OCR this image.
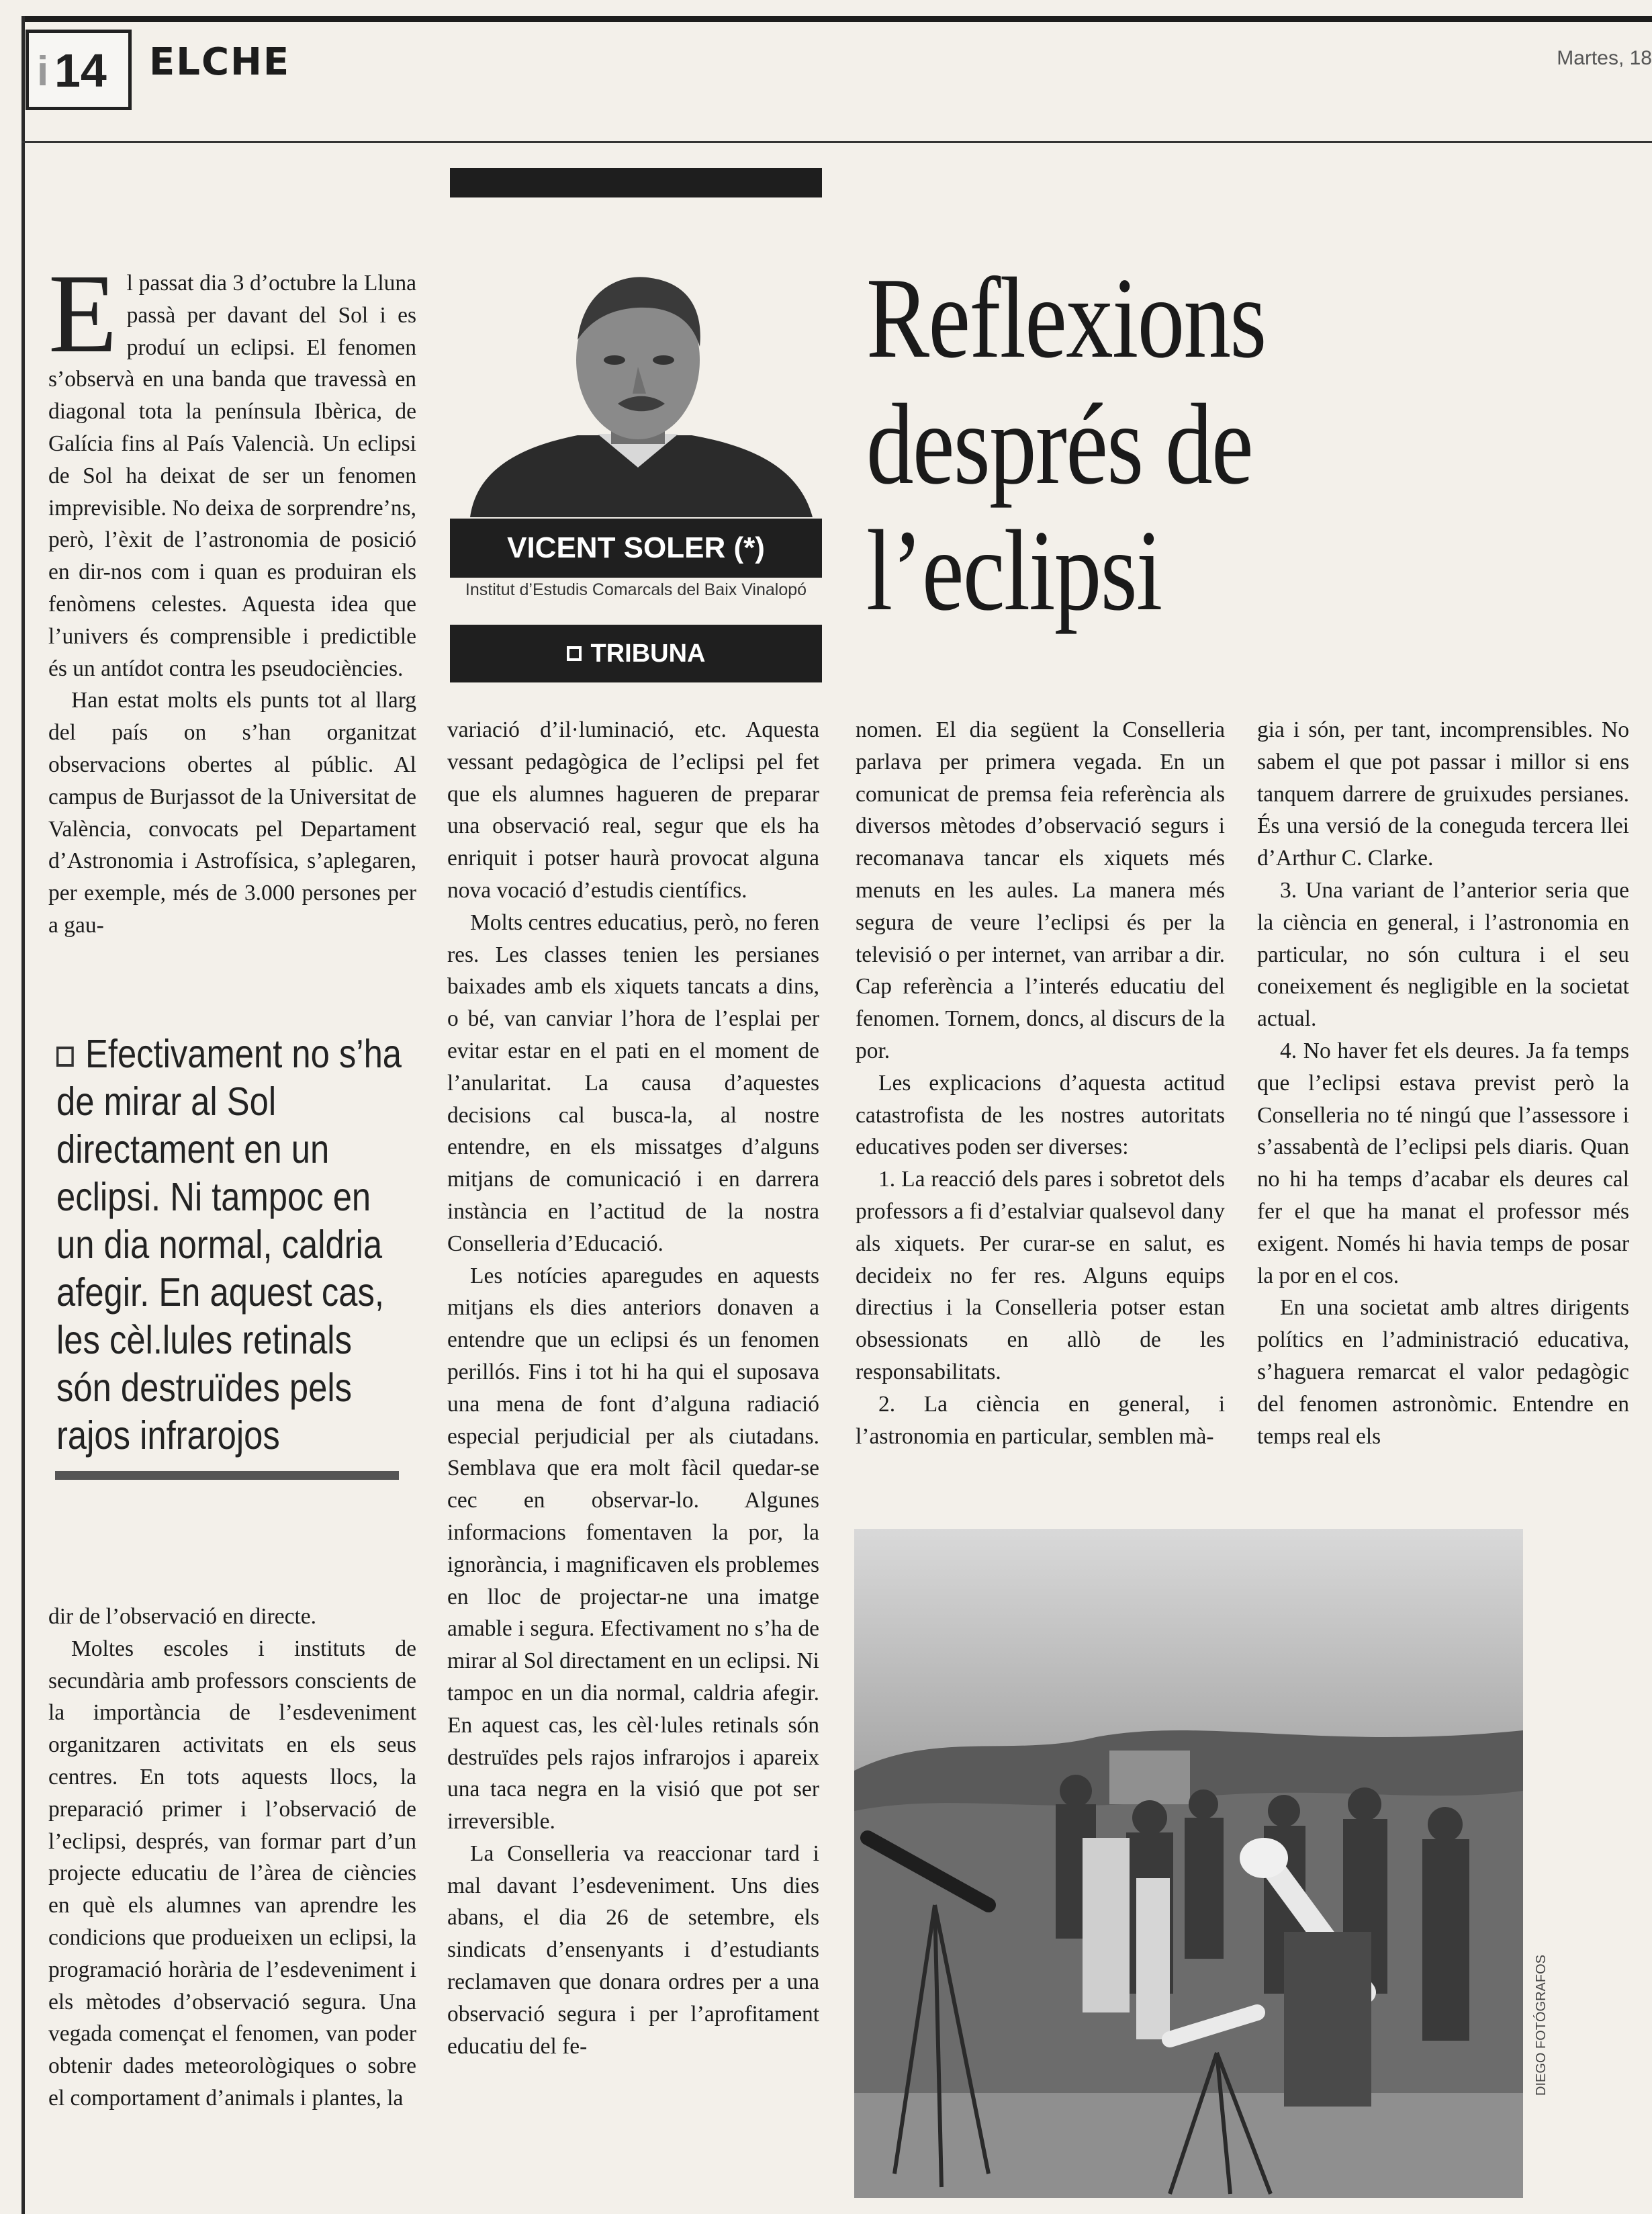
i 14 ELCHE	Martes, 18
VICENT SOLER (*)
Institut d’Estudis Comarcals del Baix Vinalopó
TRIBUNA
Reflexions
després de
l’eclipsi

El passat dia 3 d’octubre la Lluna passà per davant del Sol i es produí un eclipsi. El fenomen s’observà en una banda que travessà en diagonal tota la península Ibèrica, de Galícia fins al País Valencià. Un eclipsi de Sol ha deixat de ser un fenomen imprevisible. No deixa de sorprendre’ns, però, l’èxit de l’astronomia de posició en dir-nos com i quan es produiran els fenòmens celestes. Aquesta idea que l’univers és comprensible i predictible és un antídot contra les pseudociències.

Han estat molts els punts tot al llarg del país on s’han organitzat observacions obertes al públic. Al campus de Burjassot de la Universitat de València, convocats pel Departament d’Astronomia i Astrofísica, s’aplegaren, per exemple, més de 3.000 persones per a gau-

Efectivament no s’ha de mirar al Sol directament en un eclipsi. Ni tampoc en un dia normal, caldria afegir. En aquest cas, les cèl.lules retinals són destruïdes pels rajos infrarojos

dir de l’observació en directe.

Moltes escoles i instituts de secundària amb professors conscients de la importància de l’esdeveniment organitzaren activitats en els seus centres. En tots aquests llocs, la preparació primer i l’observació de l’eclipsi, després, van formar part d’un projecte educatiu de l’àrea de ciències en què els alumnes van aprendre les condicions que produeixen un eclipsi, la programació horària de l’esdeveniment i els mètodes d’observació segura. Una vegada començat el fenomen, van poder obtenir dades meteorològiques o sobre el comportament d’animals i plantes, la

variació d’il·luminació, etc. Aquesta vessant pedagògica de l’eclipsi pel fet que els alumnes hagueren de preparar una observació real, segur que els ha enriquit i potser haurà provocat alguna nova vocació d’estudis científics.

Molts centres educatius, però, no feren res. Les classes tenien les persianes baixades amb els xiquets tancats a dins, o bé, van canviar l’hora de l’esplai per evitar estar en el pati en el moment de l’anularitat. La causa d’aquestes decisions cal busca-la, al nostre entendre, en els missatges d’alguns mitjans de comunicació i en darrera instància en l’actitud de la nostra Conselleria d’Educació.

Les notícies aparegudes en aquests mitjans els dies anteriors donaven a entendre que un eclipsi és un fenomen perillós. Fins i tot hi ha qui el suposava una mena de font d’alguna radiació especial perjudicial per als ciutadans. Semblava que era molt fàcil quedar-se cec en observar-lo. Algunes informacions fomentaven la por, la ignorància, i magnificaven els problemes en lloc de projectar-ne una imatge amable i segura. Efectivament no s’ha de mirar al Sol directament en un eclipsi. Ni tampoc en un dia normal, caldria afegir. En aquest cas, les cèl·lules retinals són destruïdes pels rajos infrarojos i apareix una taca negra en la visió que pot ser irreversible.

La Conselleria va reaccionar tard i mal davant l’esdeveniment. Uns dies abans, el dia 26 de setembre, els sindicats d’ensenyants i d’estudiants reclamaven que donara ordres per a una observació segura i per l’aprofitament educatiu del fe-

nomen. El dia següent la Conselleria parlava per primera vegada. En un comunicat de premsa feia referència als diversos mètodes d’observació segurs i recomanava tancar els xiquets més menuts en les aules. La manera més segura de veure l’eclipsi és per la televisió o per internet, van arribar a dir. Cap referència a l’interés educatiu del fenomen. Tornem, doncs, al discurs de la por.

Les explicacions d’aquesta actitud catastrofista de les nostres autoritats educatives poden ser diverses:

1. La reacció dels pares i sobretot dels professors a fi d’estalviar qualsevol dany als xiquets. Per curar-se en salut, es decideix no fer res. Alguns equips directius i la Conselleria potser estan obsessionats en allò de les responsabilitats.

2. La ciència en general, i l’astronomia en particular, semblen mà-

gia i són, per tant, incomprensibles. No sabem el que pot passar i millor si ens tanquem darrere de gruixudes persianes. És una versió de la coneguda tercera llei d’Arthur C. Clarke.

3. Una variant de l’anterior seria que la ciència en general, i l’astronomia en particular, no són cultura i el seu coneixement és negligible en la societat actual.

4. No haver fet els deures. Ja fa temps que l’eclipsi estava previst però la Conselleria no té ningú que l’assessore i s’assabentà de l’eclipsi pels diaris. Quan no hi ha temps d’acabar els deures cal fer el que ha manat el professor més exigent. Només hi havia temps de posar la por en el cos.

En una societat amb altres dirigents polítics en l’administració educativa, s’haguera remarcat el valor pedagògic del fenomen astronòmic. Entendre en temps real els

DIEGO FOTÓGRAFOS
